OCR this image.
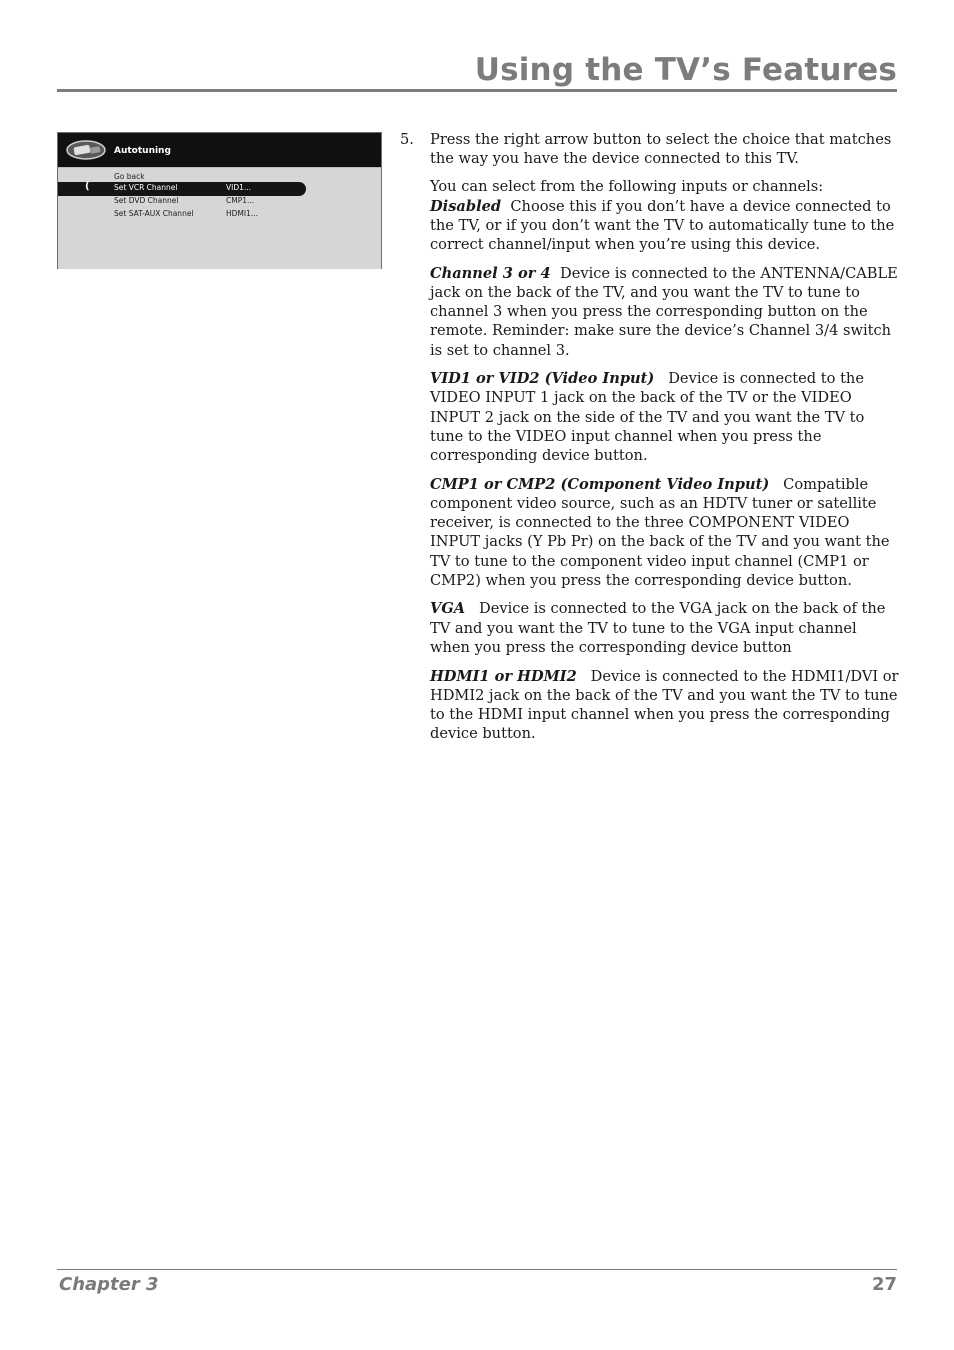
Using the TV’s Features
Autotuning
Go back
(	Set VCR Channel	VID1...
Set DVD Channel	CMP1...
Set SAT-AUX Channel	HDMI1...
5. Press the right arrow button to select the choice that matches the way you have the device connected to this TV.

You can select from the following inputs or channels:

Disabled Choose this if you don’t have a device connected to the TV, or if you don’t want the TV to automatically tune to the correct channel/input when you’re using this device.

Channel 3 or 4 Device is connected to the ANTENNA/CABLE jack on the back of the TV, and you want the TV to tune to channel 3 when you press the corresponding button on the remote. Reminder: make sure the device’s Channel 3/4 switch is set to channel 3.

VID1 or VID2 (Video Input) Device is connected to the VIDEO INPUT 1 jack on the back of the TV or the VIDEO INPUT 2 jack on the side of the TV and you want the TV to tune to the VIDEO input channel when you press the corresponding device button.

CMP1 or CMP2 (Component Video Input) Compatible component video source, such as an HDTV tuner or satellite receiver, is connected to the three COMPONENT VIDEO INPUT jacks (Y Pb Pr) on the back of the TV and you want the TV to tune to the component video input channel (CMP1 or CMP2) when you press the corresponding device button.

VGA Device is connected to the VGA jack on the back of the TV and you want the TV to tune to the VGA input channel when you press the corresponding device button

HDMI1 or HDMI2 Device is connected to the HDMI1/DVI or HDMI2 jack on the back of the TV and you want the TV to tune to the HDMI input channel when you press the corresponding device button.

Chapter 3	27
